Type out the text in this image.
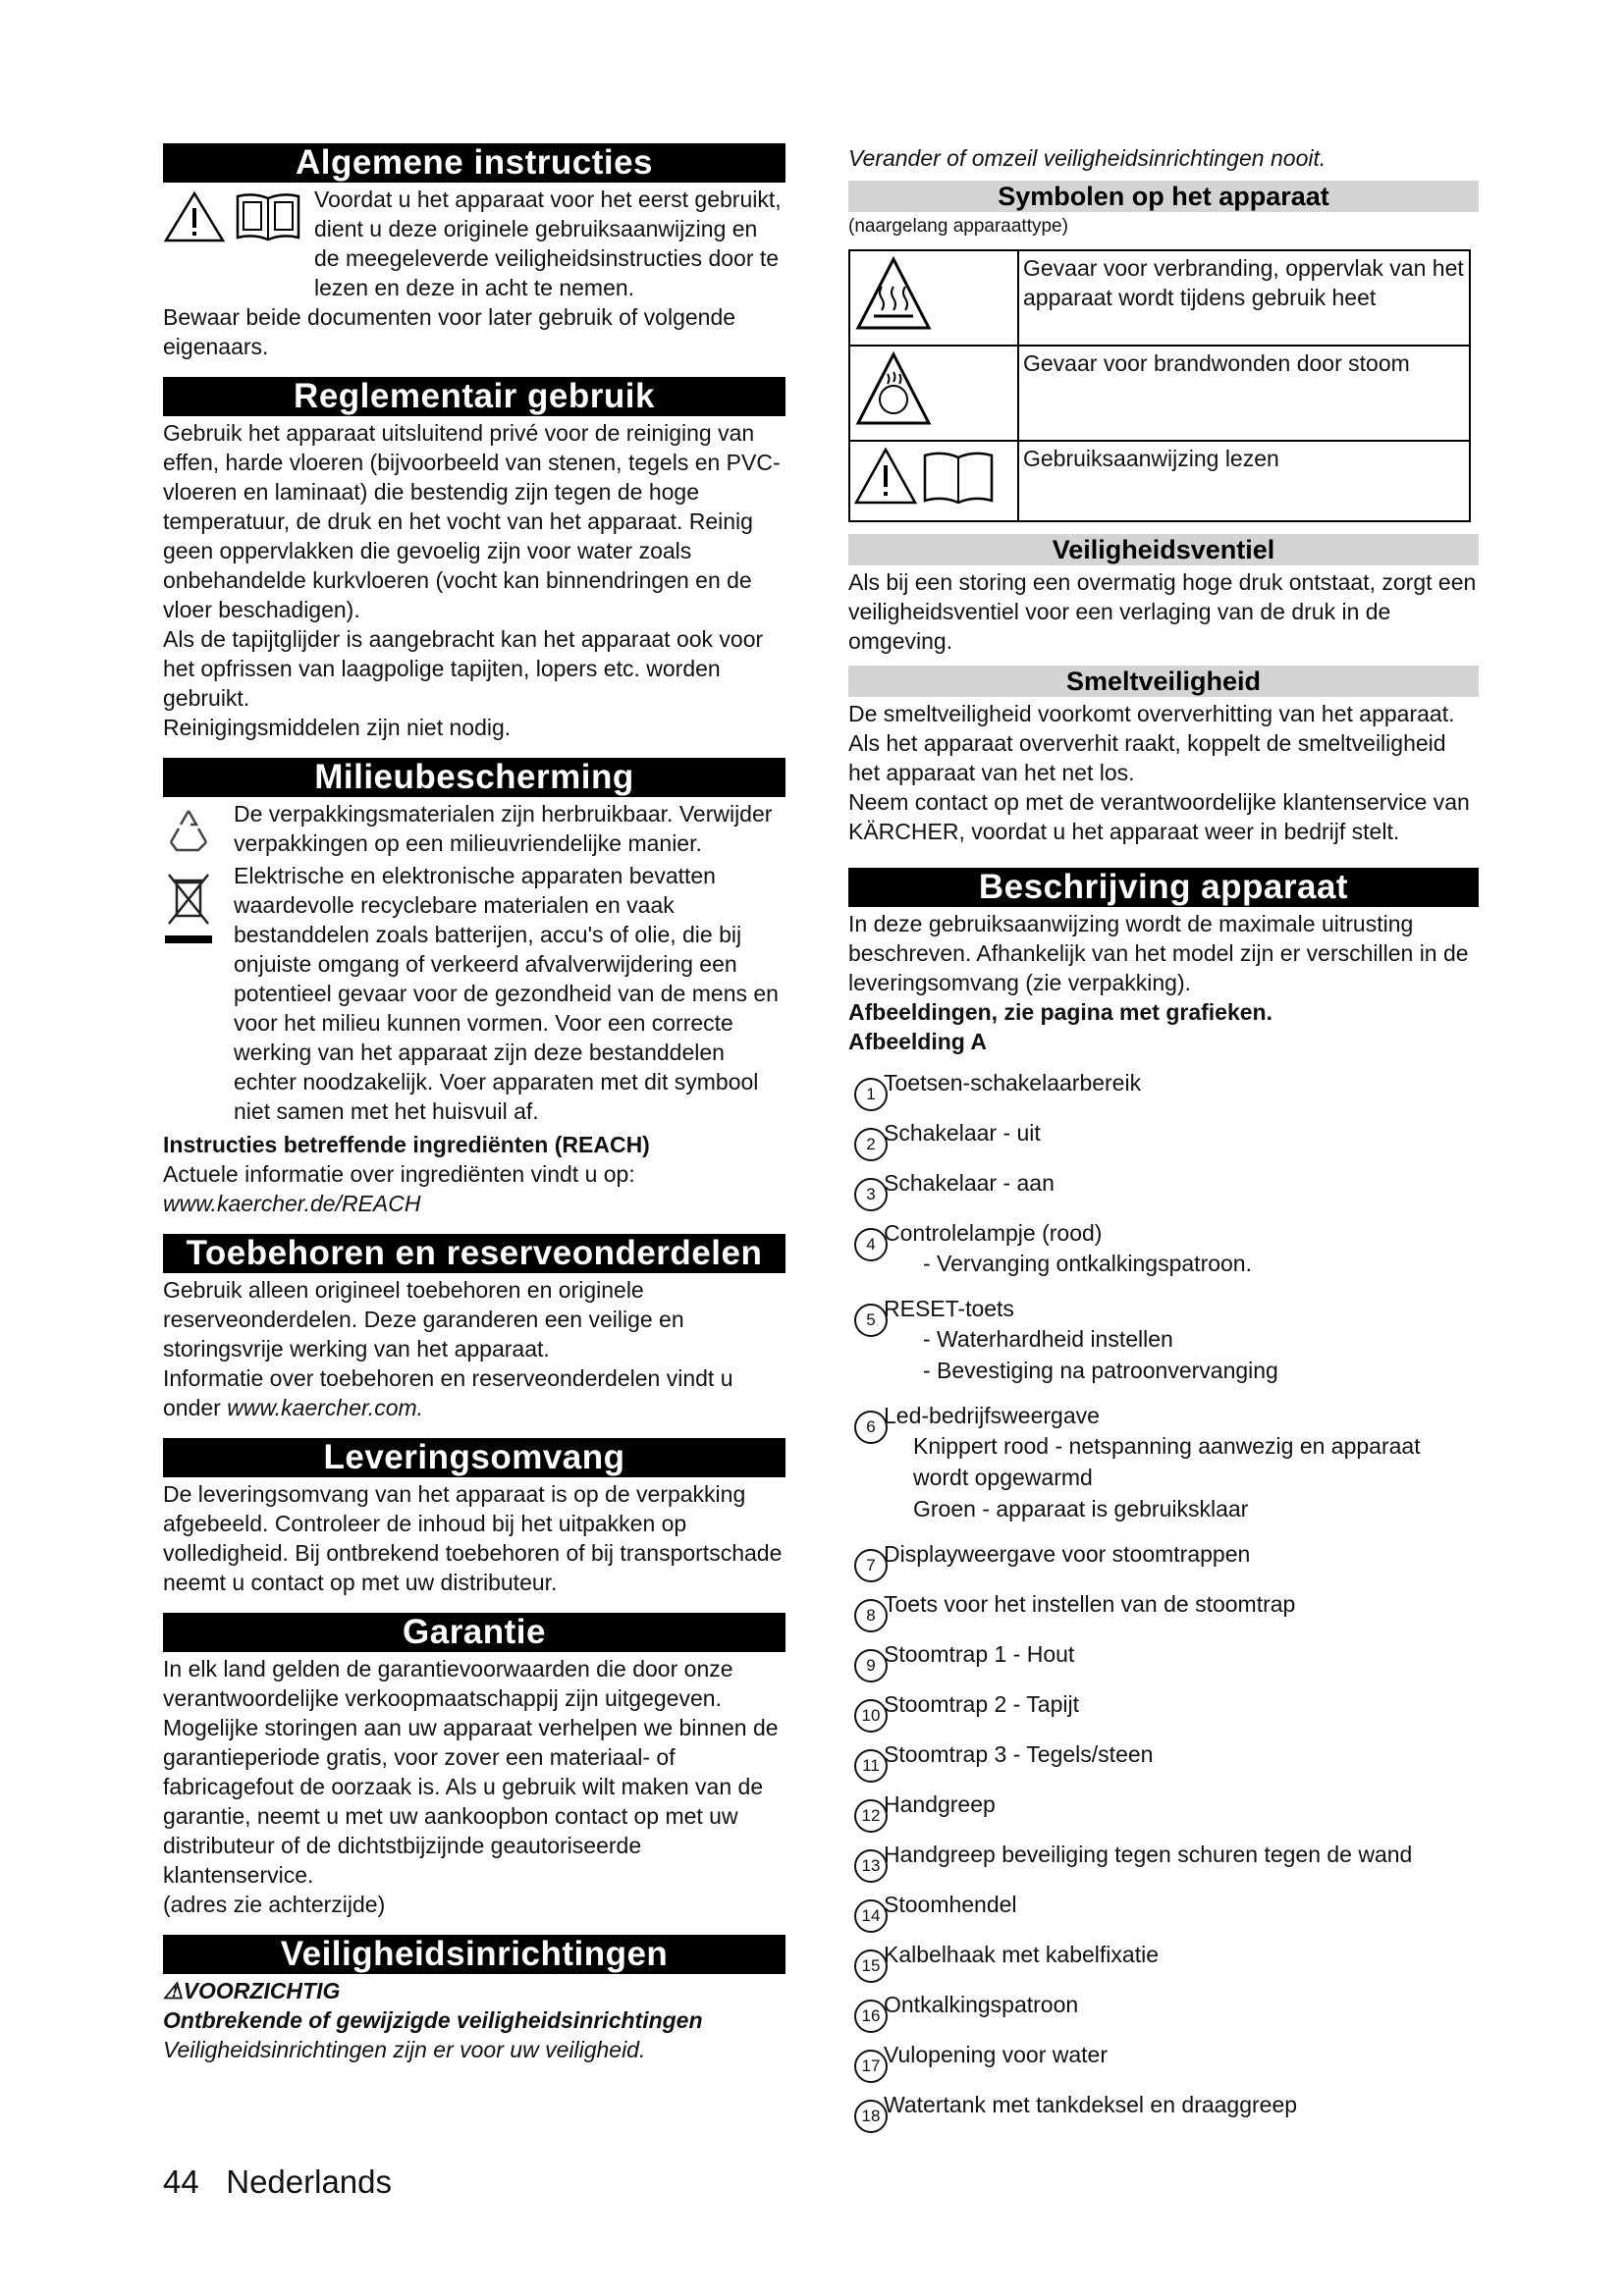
Algemene instructies

Voordat u het apparaat voor het eerst gebruikt, dient u deze originele gebruiksaanwijzing en de meegeleverde veiligheidsinstructies door te lezen en deze in acht te nemen.

Bewaar beide documenten voor later gebruik of volgende eigenaars.

Reglementair gebruik

Gebruik het apparaat uitsluitend privé voor de reiniging van effen, harde vloeren (bijvoorbeeld van stenen, tegels en PVC-vloeren en laminaat) die bestendig zijn tegen de hoge temperatuur, de druk en het vocht van het apparaat. Reinig geen oppervlakken die gevoelig zijn voor water zoals onbehandelde kurkvloeren (vocht kan binnendringen en de vloer beschadigen).

Als de tapijtglijder is aangebracht kan het apparaat ook voor het opfrissen van laagpolige tapijten, lopers etc. worden gebruikt.

Reinigingsmiddelen zijn niet nodig.

Milieubescherming

De verpakkingsmaterialen zijn herbruikbaar. Verwijder verpakkingen op een milieuvriendelijke manier.

Elektrische en elektronische apparaten bevatten waardevolle recyclebare materialen en vaak bestanddelen zoals batterijen, accu's of olie, die bij onjuiste omgang of verkeerd afvalverwijdering een potentieel gevaar voor de gezondheid van de mens en voor het milieu kunnen vormen. Voor een correcte werking van het apparaat zijn deze bestanddelen echter noodzakelijk. Voer apparaten met dit symbool niet samen met het huisvuil af.

Instructies betreffende ingrediënten (REACH)

Actuele informatie over ingrediënten vindt u op:

www.kaercher.de/REACH

Toebehoren en reserveonderdelen

Gebruik alleen origineel toebehoren en originele reserveonderdelen. Deze garanderen een veilige en storingsvrije werking van het apparaat.

Informatie over toebehoren en reserveonderdelen vindt u onder www.kaercher.com.

Leveringsomvang

De leveringsomvang van het apparaat is op de verpakking afgebeeld. Controleer de inhoud bij het uitpakken op volledigheid. Bij ontbrekend toebehoren of bij transportschade neemt u contact op met uw distributeur.

Garantie

In elk land gelden de garantievoorwaarden die door onze verantwoordelijke verkoopmaatschappij zijn uitgegeven. Mogelijke storingen aan uw apparaat verhelpen we binnen de garantieperiode gratis, voor zover een materiaal- of fabricagefout de oorzaak is. Als u gebruik wilt maken van de garantie, neemt u met uw aankoopbon contact op met uw distributeur of de dichtstbijzijnde geautoriseerde klantenservice.

(adres zie achterzijde)

Veiligheidsinrichtingen

⚠VOORZICHTIG

Ontbrekende of gewijzigde veiligheidsinrichtingen

Veiligheidsinrichtingen zijn er voor uw veiligheid.

Verander of omzeil veiligheidsinrichtingen nooit.

Symbolen op het apparaat

(naargelang apparaattype)

	Gevaar voor verbranding, oppervlak van het apparaat wordt tijdens gebruik heet
	Gevaar voor brandwonden door stoom
	Gebruiksaanwijzing lezen
Veiligheidsventiel

Als bij een storing een overmatig hoge druk ontstaat, zorgt een veiligheidsventiel voor een verlaging van de druk in de omgeving.

Smeltveiligheid

De smeltveiligheid voorkomt oververhitting van het apparaat. Als het apparaat oververhit raakt, koppelt de smeltveiligheid het apparaat van het net los.

Neem contact op met de verantwoordelijke klantenservice van KÄRCHER, voordat u het apparaat weer in bedrijf stelt.

Beschrijving apparaat

In deze gebruiksaanwijzing wordt de maximale uitrusting beschreven. Afhankelijk van het model zijn er verschillen in de leveringsomvang (zie verpakking).

Afbeeldingen, zie pagina met grafieken.

Afbeelding A

1 Toetsen-schakelaarbereik
2 Schakelaar - uit
3 Schakelaar - aan
4 Controlelampje (rood)
- Vervanging ontkalkingspatroon.
5 RESET-toets
- Waterhardheid instellen
- Bevestiging na patroonvervanging
6 Led-bedrijfsweergave
Knippert rood - netspanning aanwezig en apparaat wordt opgewarmd
Groen - apparaat is gebruiksklaar
7 Displayweergave voor stoomtrappen
8 Toets voor het instellen van de stoomtrap
9 Stoomtrap 1 - Hout
10 Stoomtrap 2 - Tapijt
11 Stoomtrap 3 - Tegels/steen
12 Handgreep
13 Handgreep beveiliging tegen schuren tegen de wand
14 Stoomhendel
15 Kalbelhaak met kabelfixatie
16 Ontkalkingspatroon
17 Vulopening voor water
18 Watertank met tankdeksel en draaggreep
44 Nederlands
